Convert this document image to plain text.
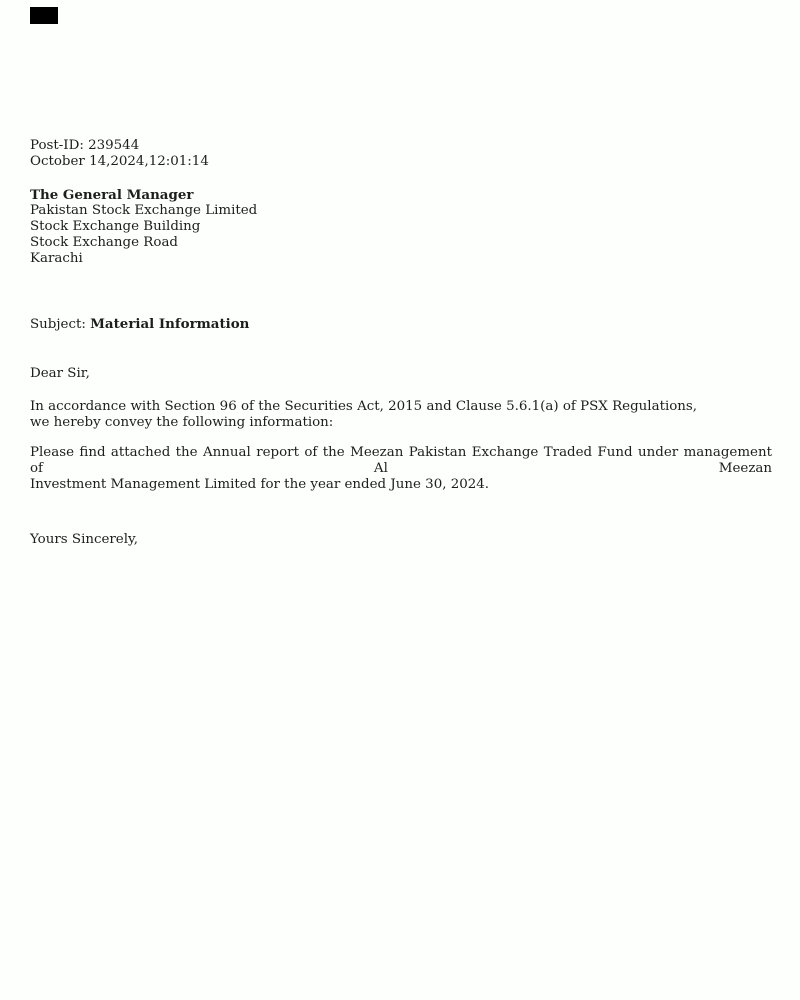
Post-ID: 239544
October 14,2024,12:01:14
The General Manager
Pakistan Stock Exchange Limited
Stock Exchange Building
Stock Exchange Road
Karachi
Subject: Material Information
Dear Sir,
In accordance with Section 96 of the Securities Act, 2015 and Clause 5.6.1(a) of PSX Regulations,
we hereby convey the following information:
Please find attached the Annual report of the Meezan Pakistan Exchange Traded Fund under management of Al Meezan
Investment Management Limited for the year ended June 30, 2024.
Yours Sincerely,
